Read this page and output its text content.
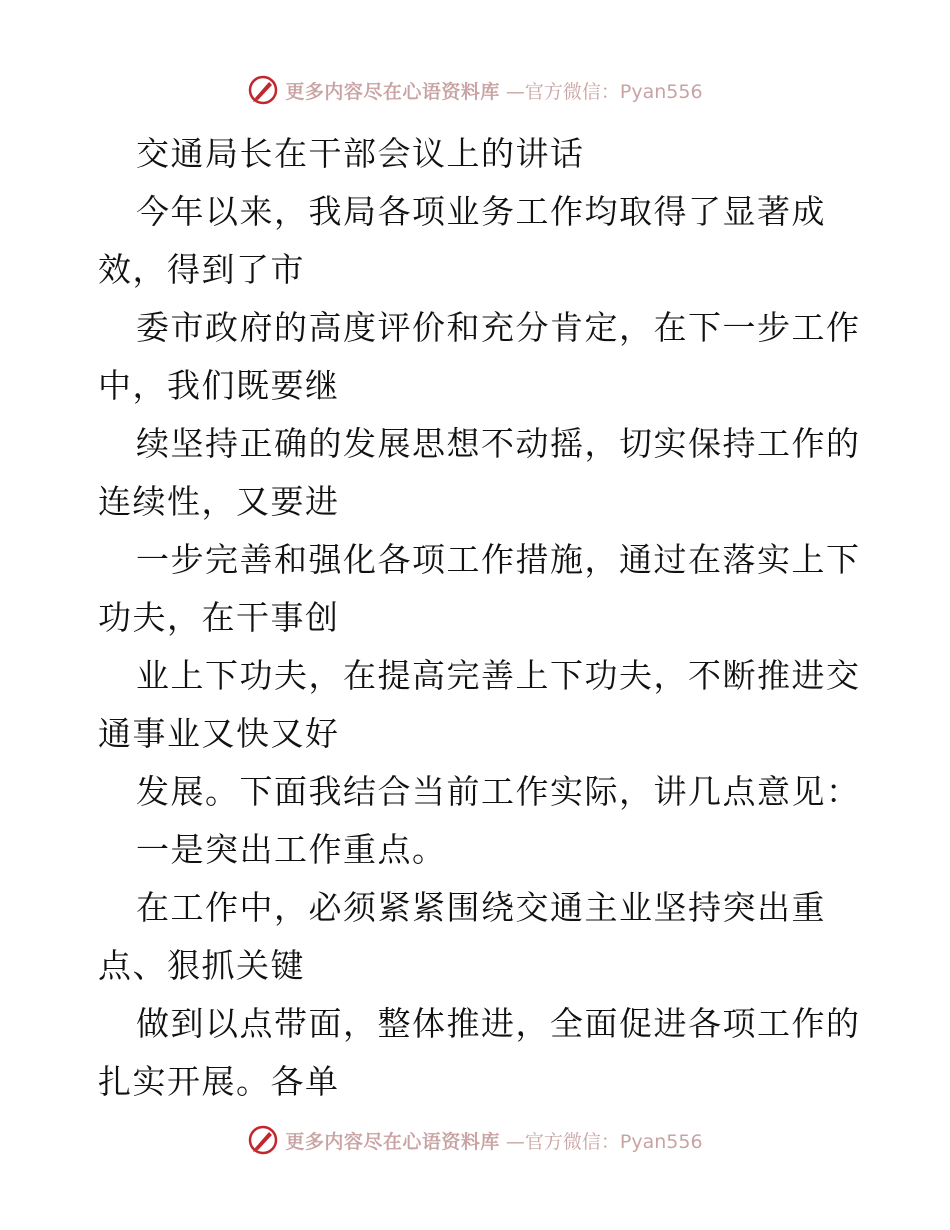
更多内容尽在心语资料库 —官方微信：Pyan556
交通局长在干部会议上的讲话
今年以来，我局各项业务工作均取得了显著成
效，得到了市
委市政府的高度评价和充分肯定，在下一步工作
中，我们既要继
续坚持正确的发展思想不动摇，切实保持工作的
连续性，又要进
一步完善和强化各项工作措施，通过在落实上下
功夫，在干事创
业上下功夫，在提高完善上下功夫，不断推进交
通事业又快又好
发展。下面我结合当前工作实际，讲几点意见：
一是突出工作重点。
在工作中，必须紧紧围绕交通主业坚持突出重
点、狠抓关键
做到以点带面，整体推进，全面促进各项工作的
扎实开展。各单
更多内容尽在心语资料库 —官方微信：Pyan556
